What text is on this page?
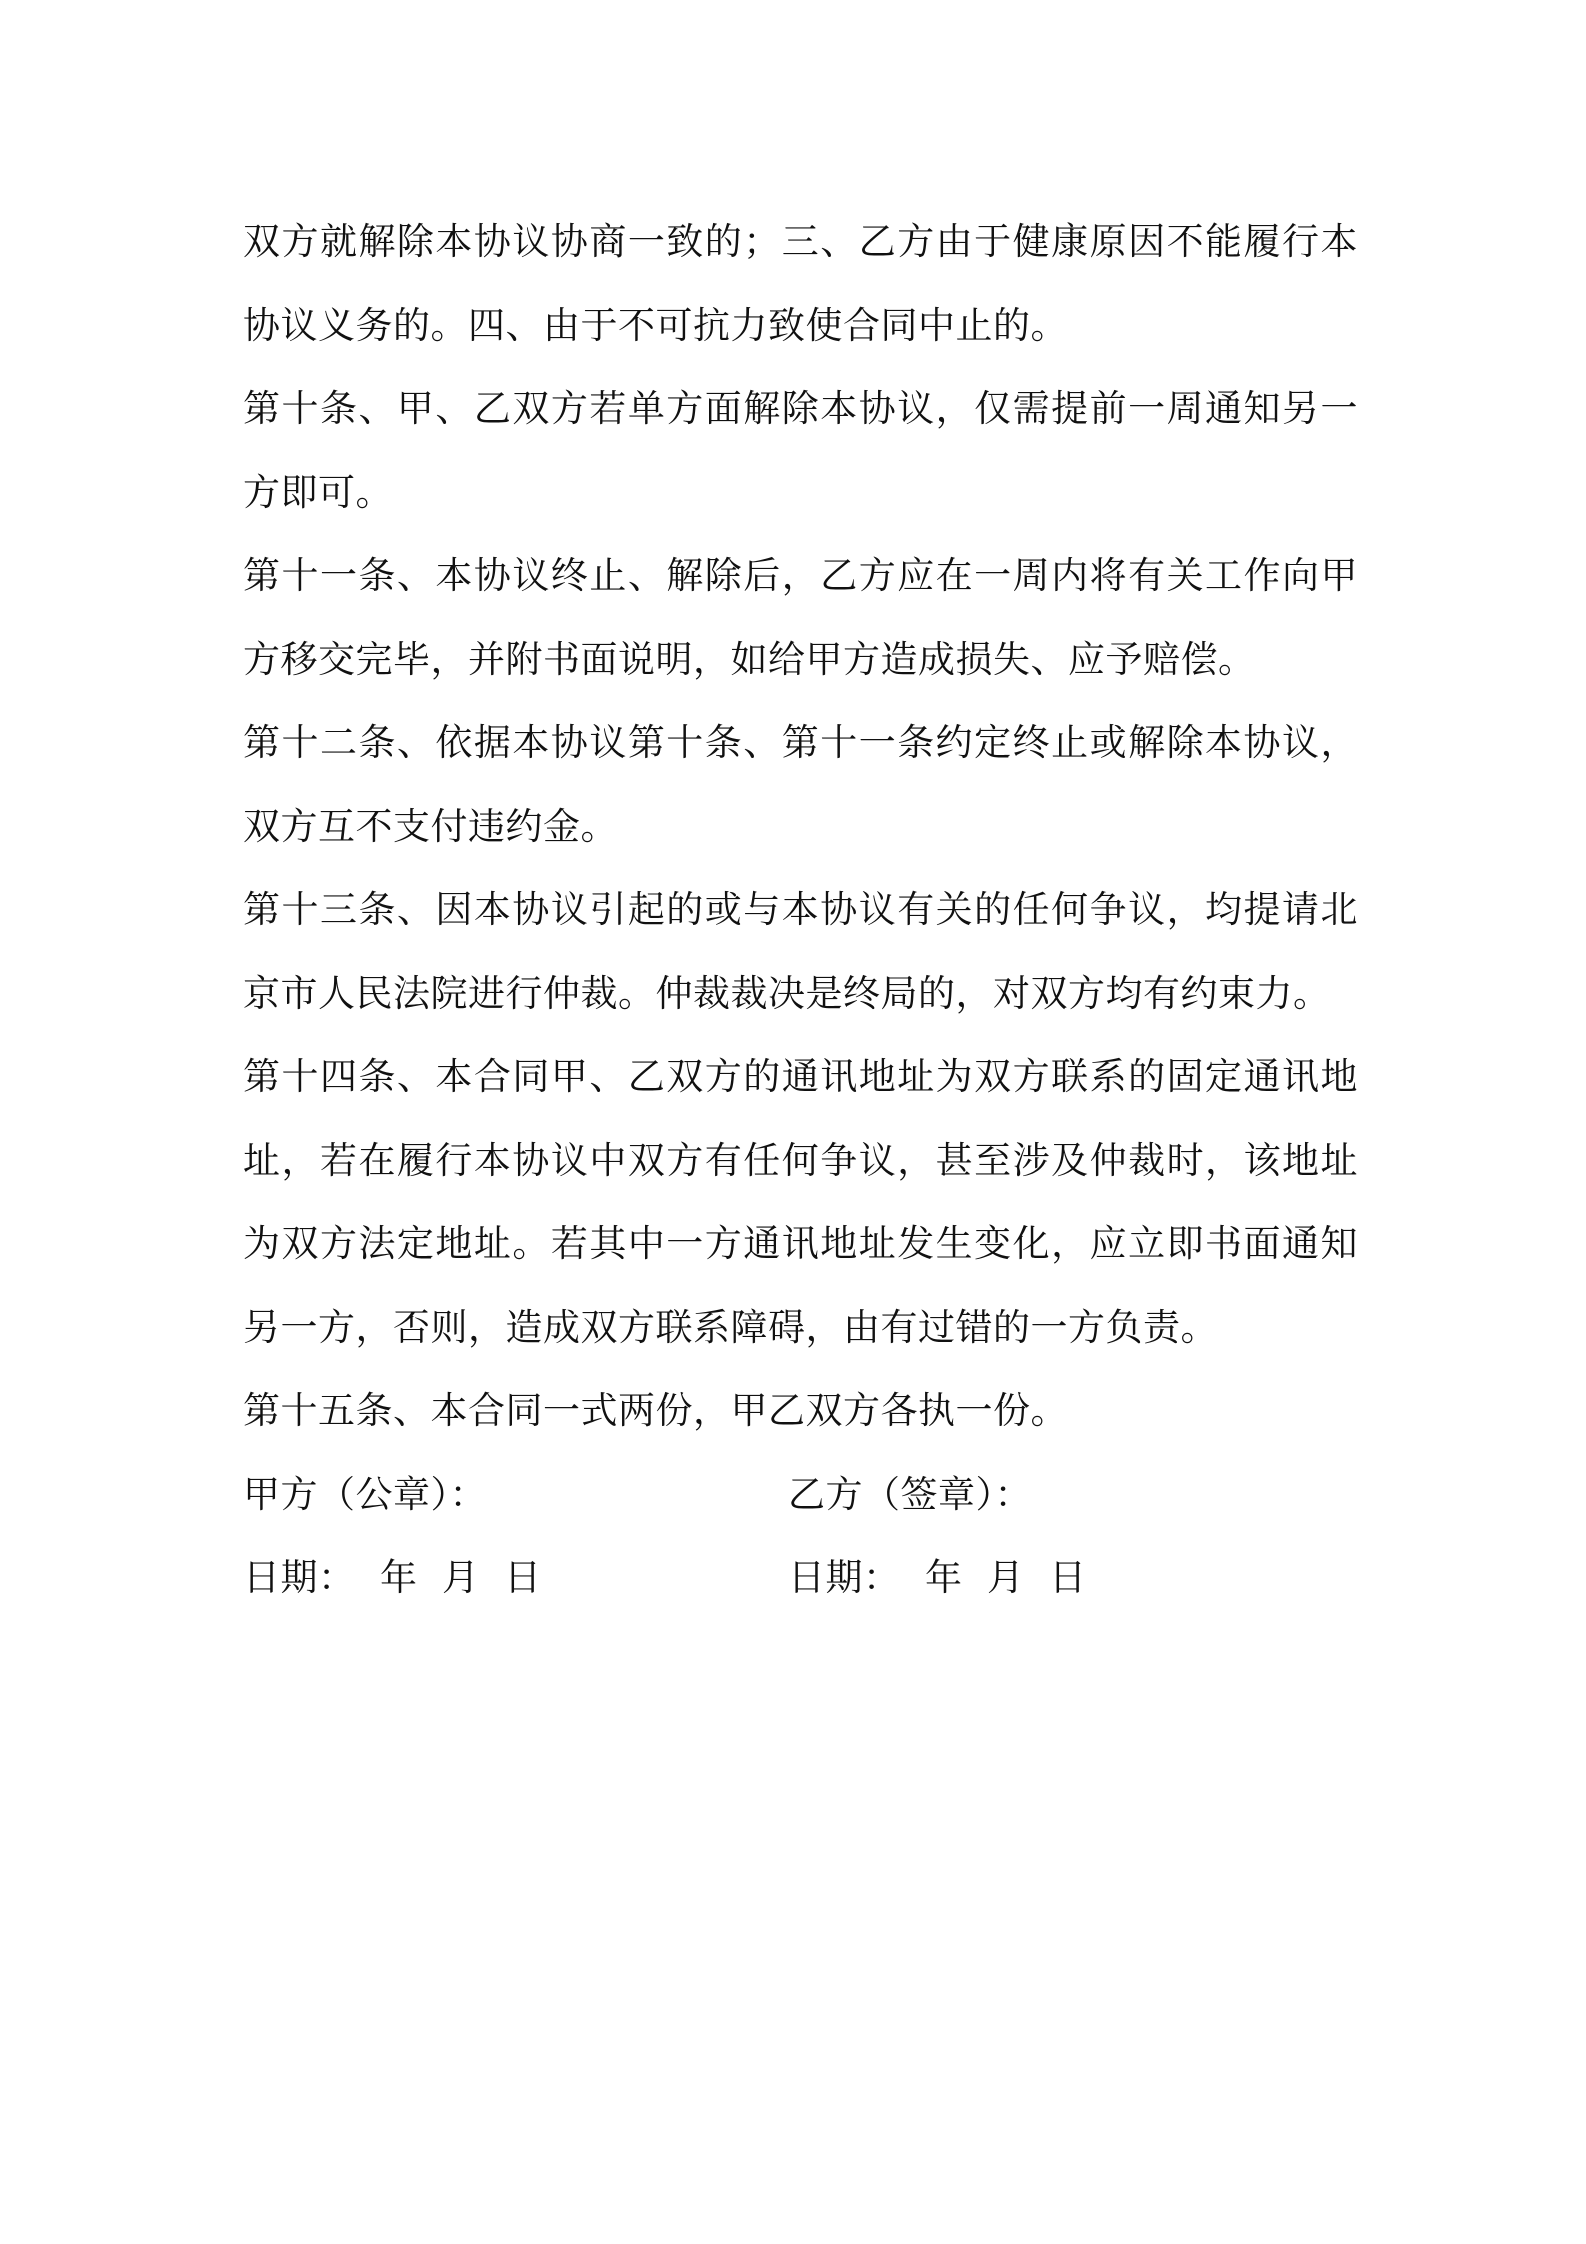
双方就解除本协议协商一致的；三、乙方由于健康原因不能履行本协议义务的。四、由于不可抗力致使合同中止的。

第十条、甲、乙双方若单方面解除本协议，仅需提前一周通知另一方即可。

第十一条、本协议终止、解除后，乙方应在一周内将有关工作向甲方移交完毕，并附书面说明，如给甲方造成损失、应予赔偿。

第十二条、依据本协议第十条、第十一条约定终止或解除本协议，双方互不支付违约金。

第十三条、因本协议引起的或与本协议有关的任何争议，均提请北京市人民法院进行仲裁。仲裁裁决是终局的，对双方均有约束力。

第十四条、本合同甲、乙双方的通讯地址为双方联系的固定通讯地址，若在履行本协议中双方有任何争议，甚至涉及仲裁时，该地址为双方法定地址。若其中一方通讯地址发生变化，应立即书面通知另一方，否则，造成双方联系障碍，由有过错的一方负责。

第十五条、本合同一式两份，甲乙双方各执一份。

甲方（公章）：	乙方（签章）：
日期：  年  月  日	日期：  年  月  日
